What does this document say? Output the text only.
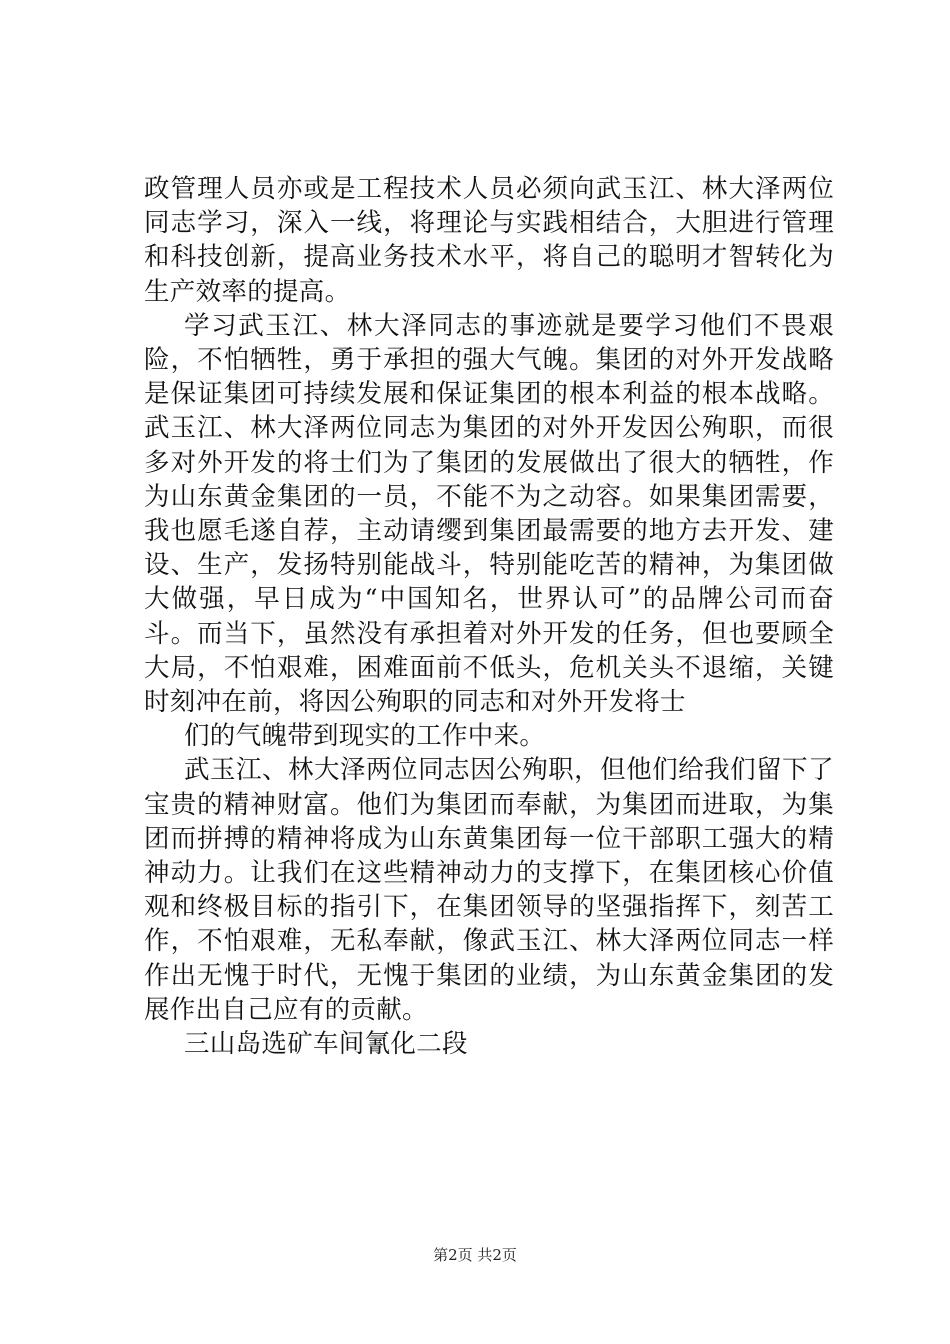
政管理人员亦或是工程技术人员必须向武玉江、林大泽两位同志学习，深入一线，将理论与实践相结合，大胆进行管理和科技创新，提高业务技术水平，将自己的聪明才智转化为生产效率的提高。

学习武玉江、林大泽同志的事迹就是要学习他们不畏艰险，不怕牺牲，勇于承担的强大气魄。集团的对外开发战略是保证集团可持续发展和保证集团的根本利益的根本战略。武玉江、林大泽两位同志为集团的对外开发因公殉职，而很多对外开发的将士们为了集团的发展做出了很大的牺牲，作为山东黄金集团的一员，不能不为之动容。如果集团需要，我也愿毛遂自荐，主动请缨到集团最需要的地方去开发、建设、生产，发扬特别能战斗，特别能吃苦的精神，为集团做大做强，早日成为“中国知名，世界认可”的品牌公司而奋斗。而当下，虽然没有承担着对外开发的任务，但也要顾全大局，不怕艰难，困难面前不低头，危机关头不退缩，关键时刻冲在前，将因公殉职的同志和对外开发将士

们的气魄带到现实的工作中来。

武玉江、林大泽两位同志因公殉职，但他们给我们留下了宝贵的精神财富。他们为集团而奉献，为集团而进取，为集团而拼搏的精神将成为山东黄集团每一位干部职工强大的精神动力。让我们在这些精神动力的支撑下，在集团核心价值观和终极目标的指引下，在集团领导的坚强指挥下，刻苦工作，不怕艰难，无私奉献，像武玉江、林大泽两位同志一样作出无愧于时代，无愧于集团的业绩，为山东黄金集团的发展作出自己应有的贡献。

三山岛选矿车间氰化二段

第2页 共2页
